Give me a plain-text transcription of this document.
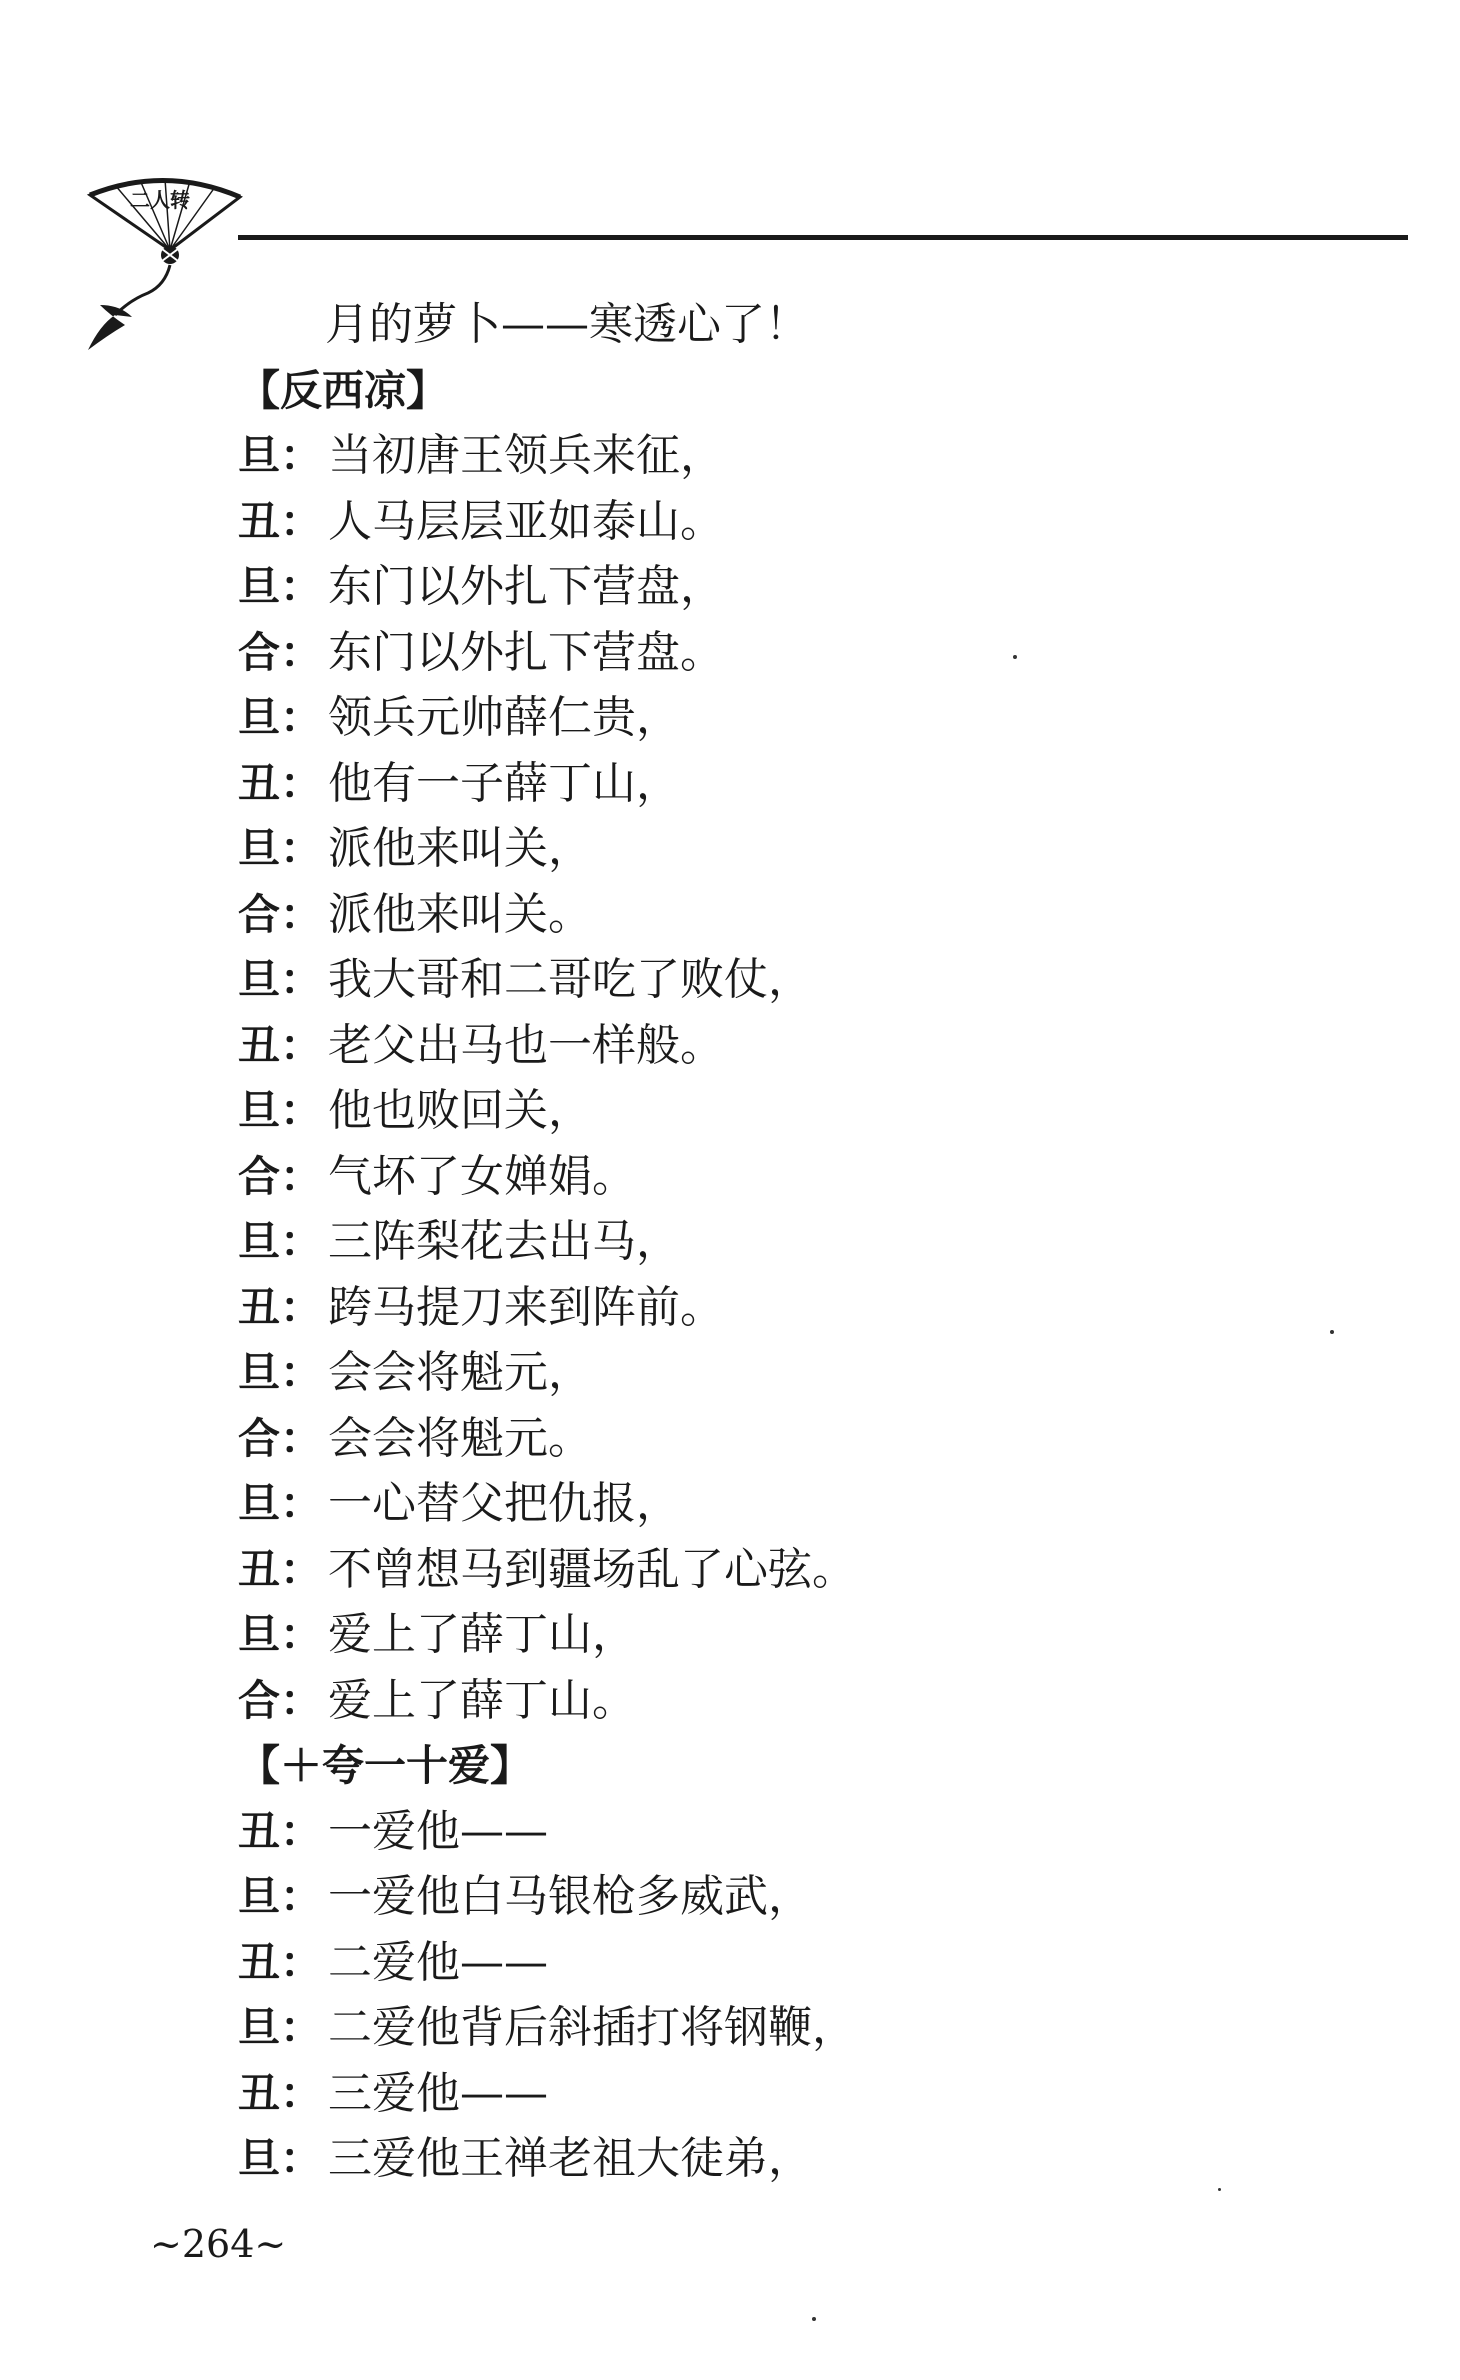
二人转
月的萝卜——寒透心了！
【反西凉】
旦： 当初唐王领兵来征，
丑： 人马层层亚如泰山。
旦： 东门以外扎下营盘，
合： 东门以外扎下营盘。
旦： 领兵元帅薛仁贵，
丑： 他有一子薛丁山，
旦： 派他来叫关，
合： 派他来叫关。
旦： 我大哥和二哥吃了败仗，
丑： 老父出马也一样般。
旦： 他也败回关，
合： 气坏了女婵娟。
旦： 三阵梨花去出马，
丑： 跨马提刀来到阵前。
旦： 会会将魁元，
合： 会会将魁元。
旦： 一心替父把仇报，
丑： 不曾想马到疆场乱了心弦。
旦： 爱上了薛丁山，
合： 爱上了薛丁山。
【＋夸一十爱】
丑： 一爱他——
旦： 一爱他白马银枪多威武，
丑： 二爱他——
旦： 二爱他背后斜插打将钢鞭，
丑： 三爱他——
旦： 三爱他王禅老祖大徒弟，
~264~
